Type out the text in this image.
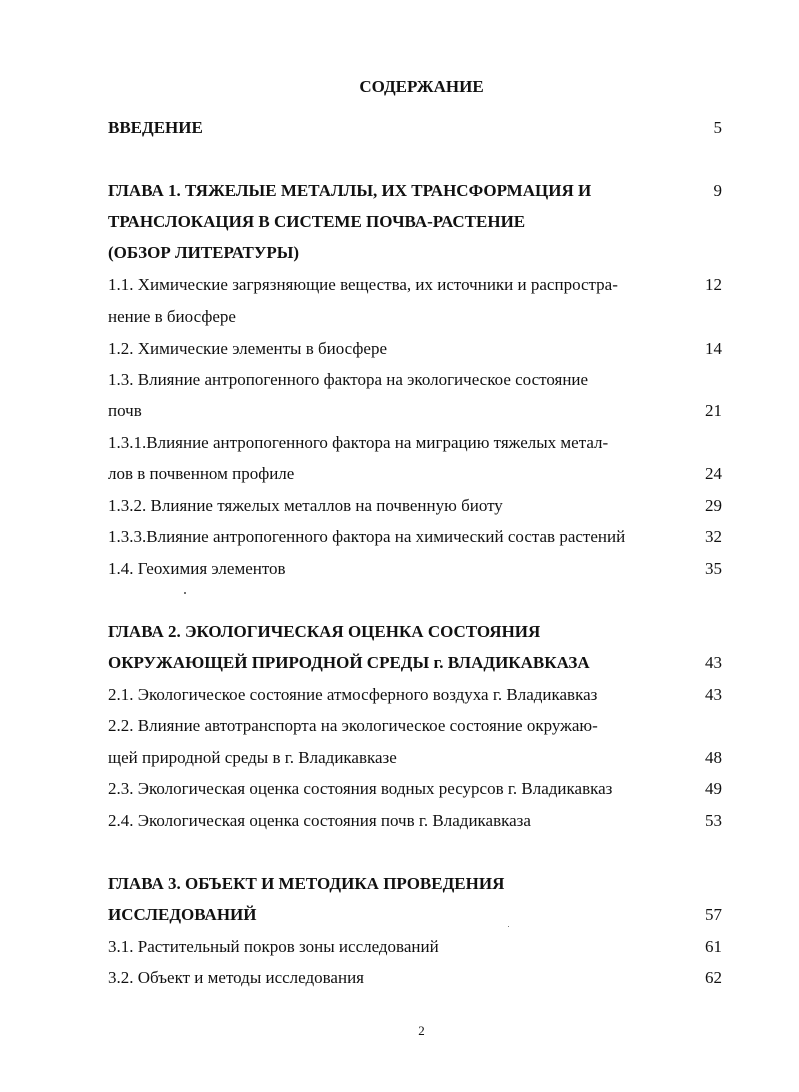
СОДЕРЖАНИЕ
ВВЕДЕНИЕ	5
ГЛАВА 1. ТЯЖЕЛЫЕ МЕТАЛЛЫ, ИХ ТРАНСФОРМАЦИЯ И	9
ТРАНСЛОКАЦИЯ В СИСТЕМЕ ПОЧВА-РАСТЕНИЕ
(ОБЗОР ЛИТЕРАТУРЫ)
1.1. Химические загрязняющие вещества, их источники и распростра-	12
нение в биосфере
1.2. Химические элементы в биосфере	14
1.3. Влияние антропогенного фактора на экологическое состояние
почв	21
1.3.1.Влияние антропогенного фактора на миграцию тяжелых метал-
лов в почвенном профиле	24
1.3.2. Влияние тяжелых металлов на почвенную биоту	29
1.3.3.Влияние антропогенного фактора на химический состав растений	32
1.4. Геохимия элементов	35
ГЛАВА 2. ЭКОЛОГИЧЕСКАЯ ОЦЕНКА СОСТОЯНИЯ
ОКРУЖАЮЩЕЙ ПРИРОДНОЙ СРЕДЫ г. ВЛАДИКАВКАЗА	43
2.1. Экологическое состояние атмосферного воздуха г. Владикавказ	43
2.2. Влияние автотранспорта на экологическое состояние окружаю-
щей природной среды в г. Владикавказе	48
2.3. Экологическая оценка состояния водных ресурсов г. Владикавказ	49
2.4. Экологическая оценка состояния почв г. Владикавказа	53
ГЛАВА 3. ОБЪЕКТ И МЕТОДИКА ПРОВЕДЕНИЯ
ИССЛЕДОВАНИЙ	57
3.1. Растительный покров зоны исследований	61
3.2. Объект и методы исследования	62
2
